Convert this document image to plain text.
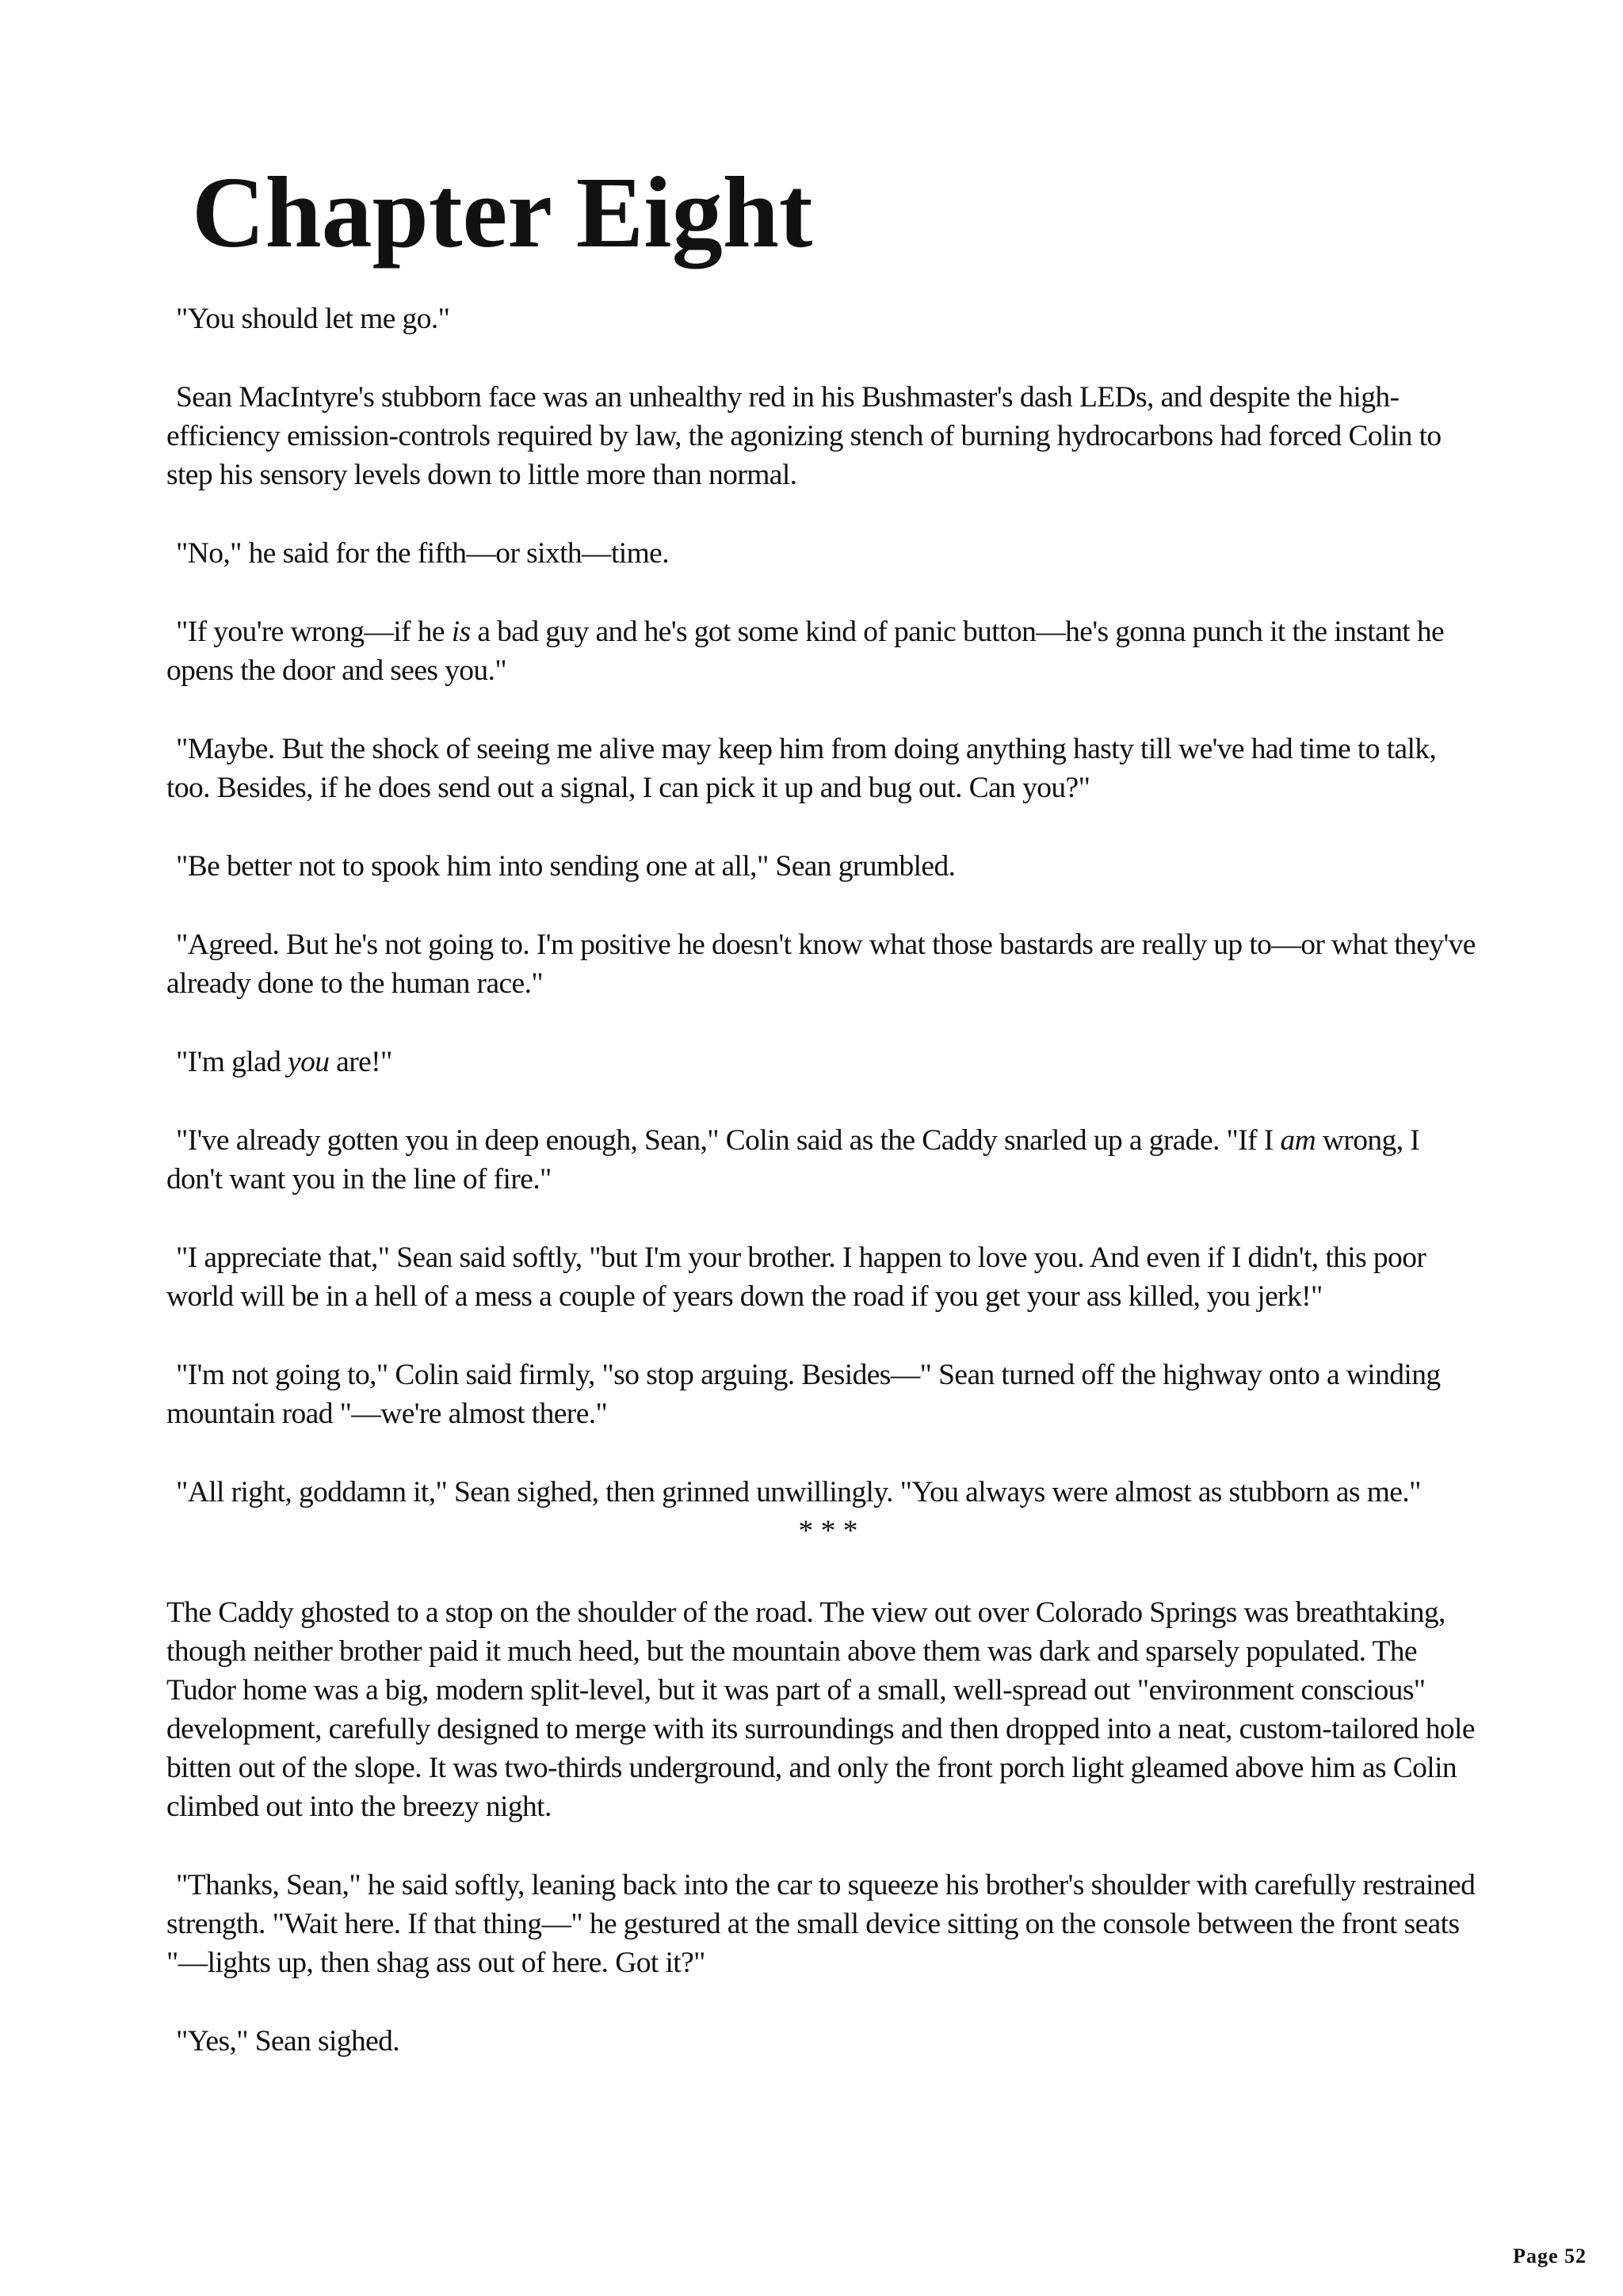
Chapter Eight

"You should let me go."

Sean MacIntyre's stubborn face was an unhealthy red in his Bushmaster's dash LEDs, and despite the high-efficiency emission-controls required by law, the agonizing stench of burning hydrocarbons had forced Colin to step his sensory levels down to little more than normal.

"No," he said for the fifth—or sixth—time.

"If you're wrong—if he is a bad guy and he's got some kind of panic button—he's gonna punch it the instant he opens the door and sees you."

"Maybe. But the shock of seeing me alive may keep him from doing anything hasty till we've had time to talk, too. Besides, if he does send out a signal, I can pick it up and bug out. Can you?"

"Be better not to spook him into sending one at all," Sean grumbled.

"Agreed. But he's not going to. I'm positive he doesn't know what those bastards are really up to—or what they've already done to the human race."

"I'm glad you are!"

"I've already gotten you in deep enough, Sean," Colin said as the Caddy snarled up a grade. "If I am wrong, I don't want you in the line of fire."

"I appreciate that," Sean said softly, "but I'm your brother. I happen to love you. And even if I didn't, this poor world will be in a hell of a mess a couple of years down the road if you get your ass killed, you jerk!"

"I'm not going to," Colin said firmly, "so stop arguing. Besides—" Sean turned off the highway onto a winding mountain road "—we're almost there."

"All right, goddamn it," Sean sighed, then grinned unwillingly. "You always were almost as stubborn as me."

* * *

The Caddy ghosted to a stop on the shoulder of the road. The view out over Colorado Springs was breathtaking, though neither brother paid it much heed, but the mountain above them was dark and sparsely populated. The Tudor home was a big, modern split-level, but it was part of a small, well-spread out "environment conscious" development, carefully designed to merge with its surroundings and then dropped into a neat, custom-tailored hole bitten out of the slope. It was two-thirds underground, and only the front porch light gleamed above him as Colin climbed out into the breezy night.

"Thanks, Sean," he said softly, leaning back into the car to squeeze his brother's shoulder with carefully restrained strength. "Wait here. If that thing—" he gestured at the small device sitting on the console between the front seats "—lights up, then shag ass out of here. Got it?"

"Yes," Sean sighed.

Page 52
